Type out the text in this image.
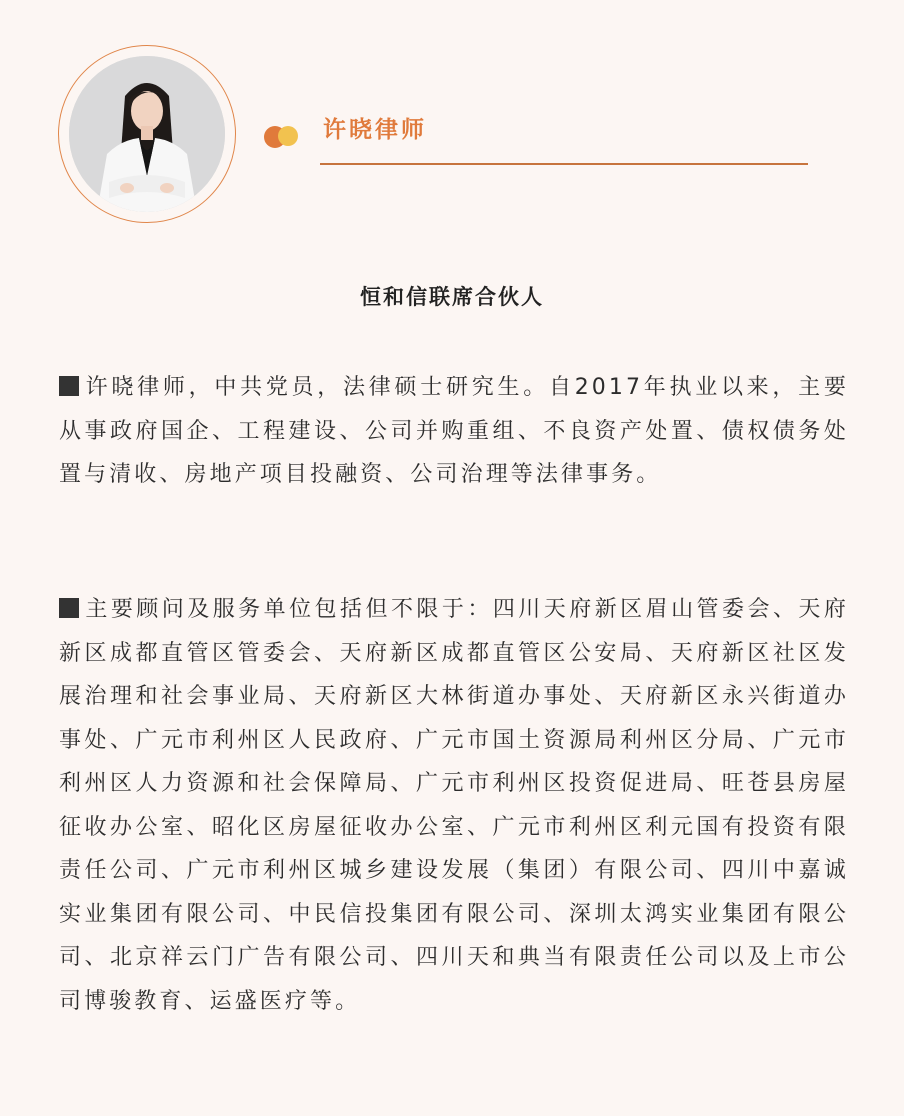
许晓律师
恒和信联席合伙人

许晓律师，中共党员，法律硕士研究生。自2017年执业以来，主要从事政府国企、工程建设、公司并购重组、不良资产处置、债权债务处置与清收、房地产项目投融资、公司治理等法律事务。

主要顾问及服务单位包括但不限于：四川天府新区眉山管委会、天府新区成都直管区管委会、天府新区成都直管区公安局、天府新区社区发展治理和社会事业局、天府新区大林街道办事处、天府新区永兴街道办事处、广元市利州区人民政府、广元市国土资源局利州区分局、广元市利州区人力资源和社会保障局、广元市利州区投资促进局、旺苍县房屋征收办公室、昭化区房屋征收办公室、广元市利州区利元国有投资有限责任公司、广元市利州区城乡建设发展（集团）有限公司、四川中嘉诚实业集团有限公司、中民信投集团有限公司、深圳太鸿实业集团有限公司、北京祥云门广告有限公司、四川天和典当有限责任公司以及上市公司博骏教育、运盛医疗等。
